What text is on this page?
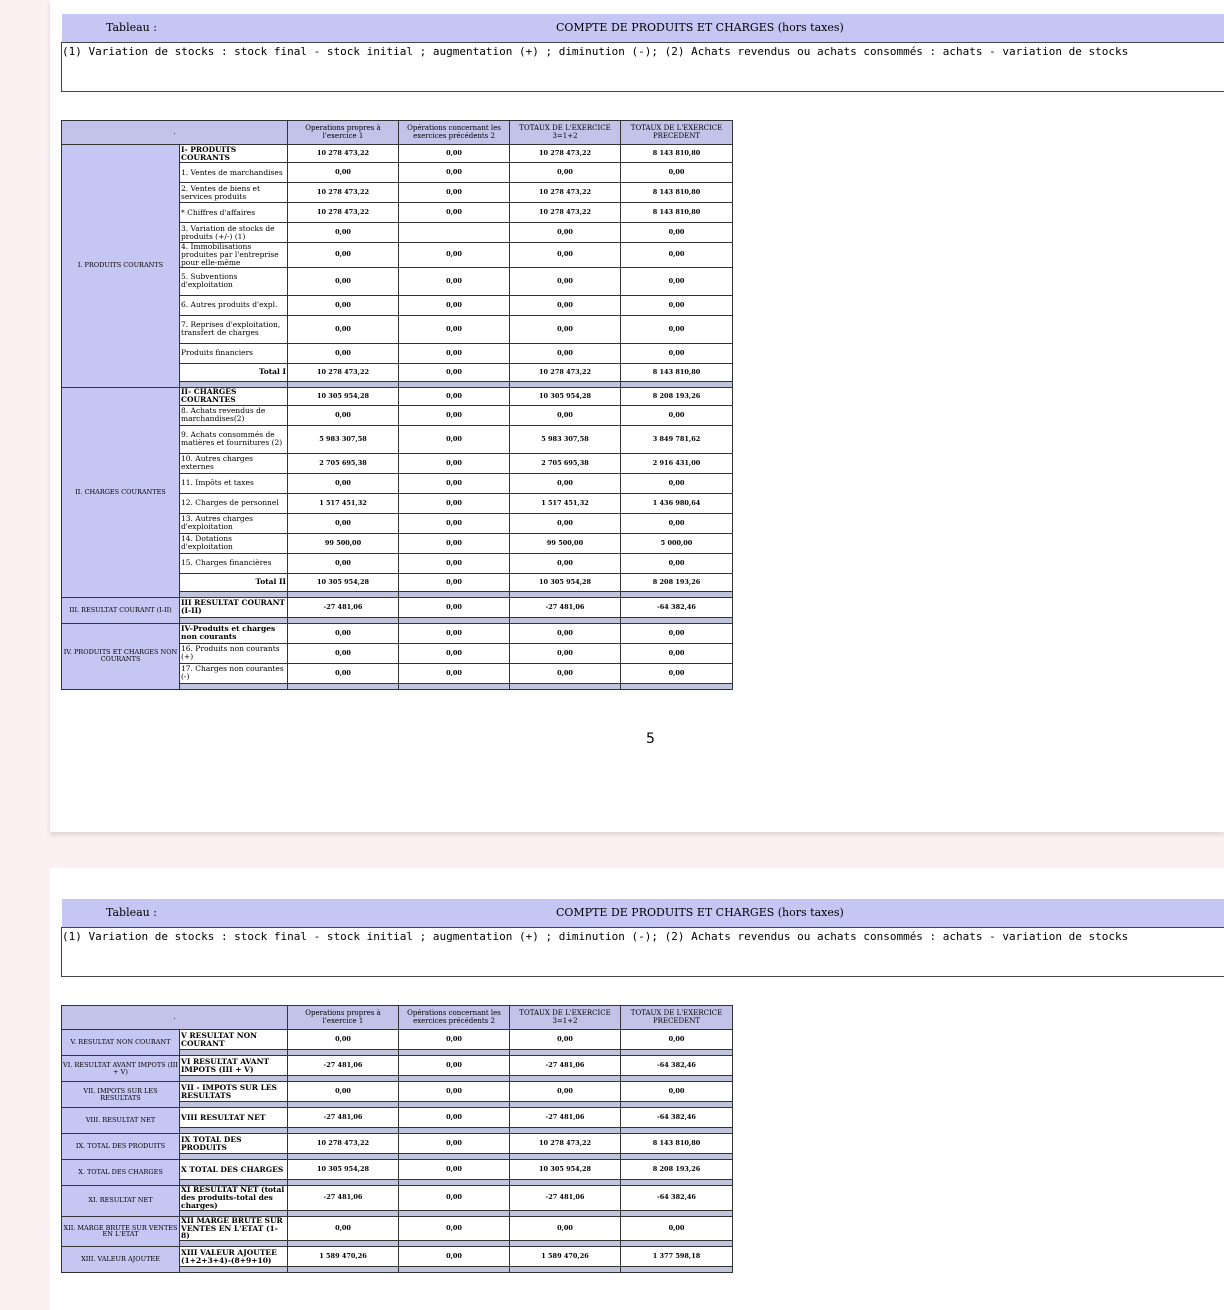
Tableau :	COMPTE DE PRODUITS ET CHARGES (hors taxes)
(1) Variation de stocks : stock final - stock initial ; augmentation (+) ; diminution (-); (2) Achats revendus ou achats consommés : achats - variation de stocks
.		Operations propres à l'exercice 1	Opérations concernant les exercices précédents 2	TOTAUX DE L'EXERCICE 3=1+2	TOTAUX DE L'EXERCICE PRECEDENT
I. PRODUITS COURANTS	I- PRODUITS COURANTS	10 278 473,22	0,00	10 278 473,22	8 143 810,80
	1. Ventes de marchandises	0,00	0,00	0,00	0,00
	2. Ventes de biens et services produits	10 278 473,22	0,00	10 278 473,22	8 143 810,80
	* Chiffres d'affaires	10 278 473,22	0,00	10 278 473,22	8 143 810,80
	3. Variation de stocks de produits (+/-) (1)	0,00		0,00	0,00
	4. Immobilisations produites par l'entreprise pour elle-même	0,00	0,00	0,00	0,00
	5. Subventions d'exploitation	0,00	0,00	0,00	0,00
	6. Autres produits d'expl.	0,00	0,00	0,00	0,00
	7. Reprises d'exploitation, transfert de charges	0,00	0,00	0,00	0,00
	Produits financiers	0,00	0,00	0,00	0,00
	Total I	10 278 473,22	0,00	10 278 473,22	8 143 810,80

II. CHARGES COURANTES	II- CHARGES COURANTES	10 305 954,28	0,00	10 305 954,28	8 208 193,26
	8. Achats revendus de marchandises(2)	0,00	0,00	0,00	0,00
	9. Achats consommés de matières et fournitures (2)	5 983 307,58	0,00	5 983 307,58	3 849 781,62
	10. Autres charges externes	2 705 695,38	0,00	2 705 695,38	2 916 431,00
	11. Impôts et taxes	0,00	0,00	0,00	0,00
	12. Charges de personnel	1 517 451,32	0,00	1 517 451,32	1 436 980,64
	13. Autres charges d'exploitation	0,00	0,00	0,00	0,00
	14. Dotations d'exploitation	99 500,00	0,00	99 500,00	5 000,00
	15. Charges financières	0,00	0,00	0,00	0,00
	Total II	10 305 954,28	0,00	10 305 954,28	8 208 193,26

III. RESULTAT COURANT (I-II)	III RESULTAT COURANT (I-II)	-27 481,06	0,00	-27 481,06	-64 382,46

IV. PRODUITS ET CHARGES NON COURANTS	IV-Produits et charges non courants	0,00	0,00	0,00	0,00
	16. Produits non courants (+)	0,00	0,00	0,00	0,00
	17. Charges non courantes (-)	0,00	0,00	0,00	0,00

5
Tableau :	COMPTE DE PRODUITS ET CHARGES (hors taxes)
(1) Variation de stocks : stock final - stock initial ; augmentation (+) ; diminution (-); (2) Achats revendus ou achats consommés : achats - variation de stocks
.		Operations propres à l'exercice 1	Opérations concernant les exercices précédents 2	TOTAUX DE L'EXERCICE 3=1+2	TOTAUX DE L'EXERCICE PRECEDENT
V. RESULTAT NON COURANT	V RESULTAT NON COURANT	0,00	0,00	0,00	0,00

VI. RESULTAT AVANT IMPOTS (III + V)	VI RESULTAT AVANT IMPOTS (III + V)	-27 481,06	0,00	-27 481,06	-64 382,46

VII. IMPOTS SUR LES RESULTATS	VII - IMPOTS SUR LES RESULTATS	0,00	0,00	0,00	0,00

VIII. RESULTAT NET	VIII RESULTAT NET	-27 481,06	0,00	-27 481,06	-64 382,46

IX. TOTAL DES PRODUITS	IX TOTAL DES PRODUITS	10 278 473,22	0,00	10 278 473,22	8 143 810,80

X. TOTAL DES CHARGES	X TOTAL DES CHARGES	10 305 954,28	0,00	10 305 954,28	8 208 193,26

XI. RESULTAT NET	XI RESULTAT NET (total des produits-total des charges)	-27 481,06	0,00	-27 481,06	-64 382,46

XII. MARGE BRUTE SUR VENTES EN L'ETAT	XII MARGE BRUTE SUR VENTES EN L'ETAT (1-8)	0,00	0,00	0,00	0,00

XIII. VALEUR AJOUTEE	XIII VALEUR AJOUTEE (1+2+3+4)-(8+9+10)	1 589 470,26	0,00	1 589 470,26	1 377 598,18
